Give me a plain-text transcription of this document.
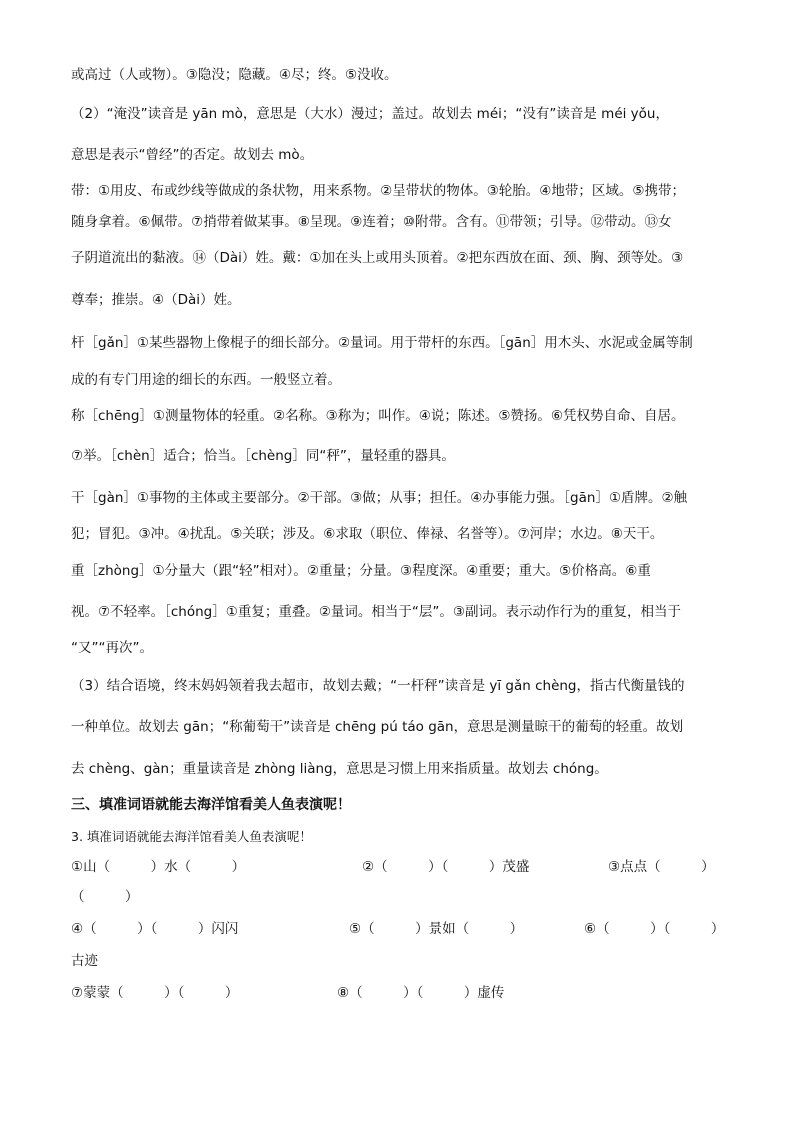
或高过（人或物）。③隐没；隐藏。④尽；终。⑤没收。
（2）“淹没”读音是 yān mò，意思是（大水）漫过；盖过。故划去 méi；“没有”读音是 méi yǒu，
意思是表示“曾经”的否定。故划去 mò。
带：①用皮、布或纱线等做成的条状物，用来系物。②呈带状的物体。③轮胎。④地带；区域。⑤携带；
随身拿着。⑥佩带。⑦捎带着做某事。⑧呈现。⑨连着；⑩附带。含有。⑪带领；引导。⑫带动。⑬女
子阴道流出的黏液。⑭（Dài）姓。戴：①加在头上或用头顶着。②把东西放在面、颈、胸、颈等处。③
尊奉；推崇。④（Dài）姓。
杆［gǎn］①某些器物上像棍子的细长部分。②量词。用于带杆的东西。［gān］用木头、水泥或金属等制
成的有专门用途的细长的东西。一般竖立着。
称［chēng］①测量物体的轻重。②名称。③称为；叫作。④说；陈述。⑤赞扬。⑥凭权势自命、自居。
⑦举。［chèn］适合；恰当。［chèng］同“秤”，量轻重的器具。
干［gàn］①事物的主体或主要部分。②干部。③做；从事；担任。④办事能力强。［gān］①盾牌。②触
犯；冒犯。③冲。④扰乱。⑤关联；涉及。⑥求取（职位、俸禄、名誉等）。⑦河岸；水边。⑧天干。
重［zhòng］①分量大（跟“轻”相对）。②重量；分量。③程度深。④重要；重大。⑤价格高。⑥重
视。⑦不轻率。［chóng］①重复；重叠。②量词。相当于“层”。③副词。表示动作行为的重复，相当于
“又”“再次”。
（3）结合语境，终末妈妈领着我去超市，故划去戴；“一杆秤”读音是 yī gǎn chèng，指古代衡量钱的
一种单位。故划去 gān；“称葡萄干”读音是 chēng pú táo gān，意思是测量晾干的葡萄的轻重。故划
去 chèng、gàn；重量读音是 zhòng liàng，意思是习惯上用来指质量。故划去 chóng。
三、填准词语就能去海洋馆看美人鱼表演呢！
3. 填准词语就能去海洋馆看美人鱼表演呢！
①山（　　　）水（　　　）	②（　　　）（　　　）茂盛	③点点（　　　）
（　　　）
④（　　　）（　　　）闪闪	⑤（　　　）景如（　　　）	⑥（　　　）（　　　）
古迹
⑦蒙蒙（　　　）（　　　）	⑧（　　　）（　　　）虚传
